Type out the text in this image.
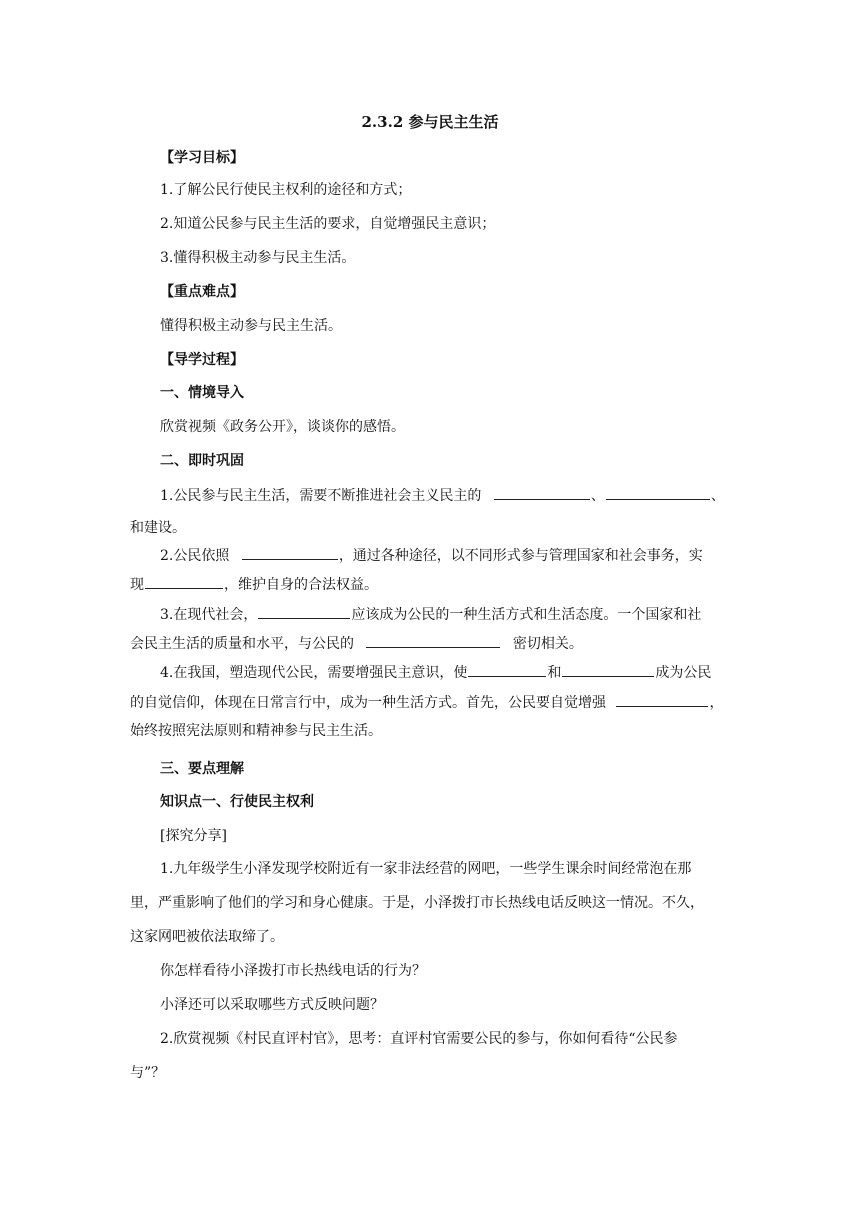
2.3.2 参与民主生活
【学习目标】
1.了解公民行使民主权利的途径和方式；
2.知道公民参与民主生活的要求，自觉增强民主意识；
3.懂得积极主动参与民主生活。
【重点难点】
懂得积极主动参与民主生活。
【导学过程】
一、情境导入
欣赏视频《政务公开》，谈谈你的感悟。
二、即时巩固
1.公民参与民主生活，需要不断推进社会主义民主的	、	、
和建设。
2.公民依照	，通过各种途径，以不同形式参与管理国家和社会事务，实
现	，维护自身的合法权益。
3.在现代社会，	应该成为公民的一种生活方式和生活态度。一个国家和社
会民主生活的质量和水平，与公民的	密切相关。
4.在我国，塑造现代公民，需要增强民主意识，使	和	成为公民
的自觉信仰，体现在日常言行中，成为一种生活方式。首先，公民要自觉增强	，
始终按照宪法原则和精神参与民主生活。
三、要点理解
知识点一、行使民主权利
[探究分享]
1.九年级学生小泽发现学校附近有一家非法经营的网吧，一些学生课余时间经常泡在那
里，严重影响了他们的学习和身心健康。于是，小泽拨打市长热线电话反映这一情况。不久，
这家网吧被依法取缔了。
你怎样看待小泽拨打市长热线电话的行为？
小泽还可以采取哪些方式反映问题？
2.欣赏视频《村民直评村官》，思考：直评村官需要公民的参与，你如何看待“公民参
与”？
